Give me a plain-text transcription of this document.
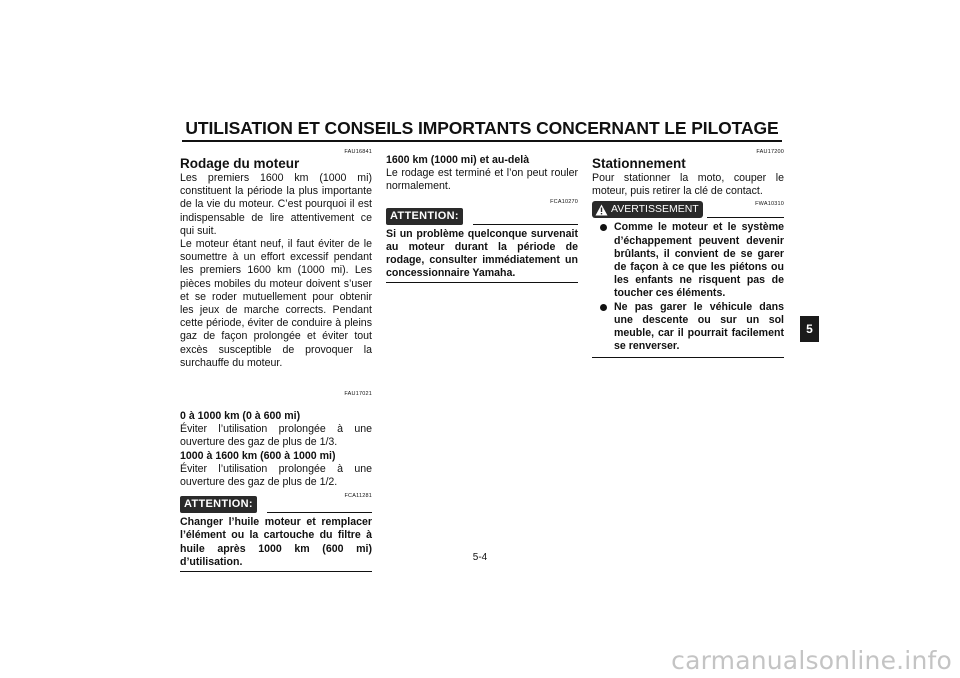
UTILISATION ET CONSEILS IMPORTANTS CONCERNANT LE PILOTAGE
FAU16841
Rodage du moteur

Les premiers 1600 km (1000 mi) constituent la période la plus importante de la vie du moteur. C’est pourquoi il est indispensable de lire attentivement ce qui suit.

Le moteur étant neuf, il faut éviter de le soumettre à un effort excessif pendant les premiers 1600 km (1000 mi). Les pièces mobiles du moteur doivent s’user et se roder mutuellement pour obtenir les jeux de marche corrects. Pendant cette période, éviter de conduire à pleins gaz de façon prolongée et éviter tout excès susceptible de provoquer la surchauffe du moteur.

FAU17021

0 à 1000 km (0 à 600 mi)

Éviter l’utilisation prolongée à une ouverture des gaz de plus de 1/3.

1000 à 1600 km (600 à 1000 mi)

Éviter l’utilisation prolongée à une ouverture des gaz de plus de 1/2.

FCA11281
ATTENTION:

Changer l’huile moteur et remplacer l’élément ou la cartouche du filtre à huile après 1000 km (600 mi) d’utilisation.

1600 km (1000 mi) et au-delà

Le rodage est terminé et l’on peut rouler normalement.

FCA10270
ATTENTION:

Si un problème quelconque survenait au moteur durant la période de rodage, consulter immédiatement un concessionnaire Yamaha.

FAU17200
Stationnement

Pour stationner la moto, couper le moteur, puis retirer la clé de contact.

AVERTISSEMENT	FWA10310
Comme le moteur et le système d’échappement peuvent devenir brûlants, il convient de se garer de façon à ce que les piétons ou les enfants ne risquent pas de toucher ces éléments.
Ne pas garer le véhicule dans une descente ou sur un sol meuble, car il pourrait facilement se renverser.
5
5-4
carmanualsonline.info
